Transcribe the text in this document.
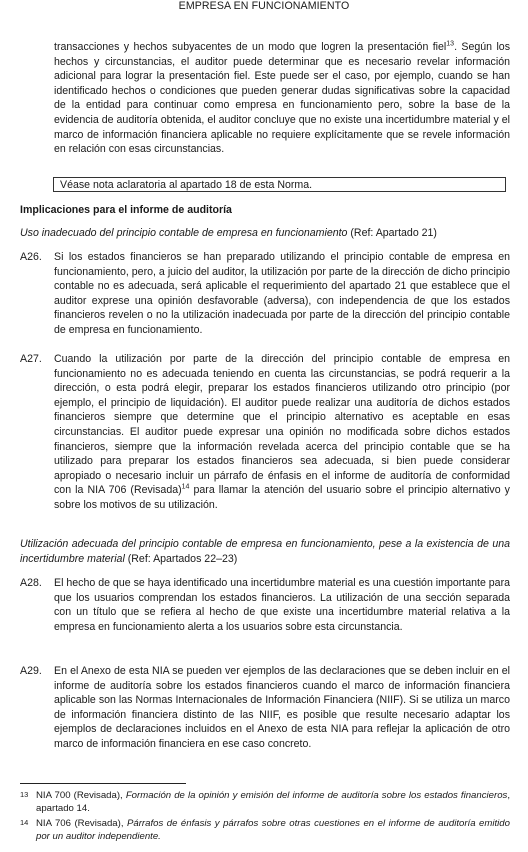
EMPRESA EN FUNCIONAMIENTO

transacciones y hechos subyacentes de un modo que logren la presentación fiel$^{13}$. Según los hechos y circunstancias, el auditor puede determinar que es necesario revelar información adicional para lograr la presentación fiel. Este puede ser el caso, por ejemplo, cuando se han identificado hechos o condiciones que pueden generar dudas significativas sobre la capacidad de la entidad para continuar como empresa en funcionamiento pero, sobre la base de la evidencia de auditoría obtenida, el auditor concluye que no existe una incertidumbre material y el marco de información financiera aplicable no requiere explícitamente que se revele información en relación con esas circunstancias.

Véase nota aclaratoria al apartado 18 de esta Norma.
Implicaciones para el informe de auditoría
Uso inadecuado del principio contable de empresa en funcionamiento (Ref: Apartado 21)
A26. Si los estados financieros se han preparado utilizando el principio contable de empresa en funcionamiento, pero, a juicio del auditor, la utilización por parte de la dirección de dicho principio contable no es adecuada, será aplicable el requerimiento del apartado 21 que establece que el auditor exprese una opinión desfavorable (adversa), con independencia de que los estados financieros revelen o no la utilización inadecuada por parte de la dirección del principio contable de empresa en funcionamiento.

A27. Cuando la utilización por parte de la dirección del principio contable de empresa en funcionamiento no es adecuada teniendo en cuenta las circunstancias, se podrá requerir a la dirección, o esta podrá elegir, preparar los estados financieros utilizando otro principio (por ejemplo, el principio de liquidación). El auditor puede realizar una auditoría de dichos estados financieros siempre que determine que el principio alternativo es aceptable en esas circunstancias. El auditor puede expresar una opinión no modificada sobre dichos estados financieros, siempre que la información revelada acerca del principio contable que se ha utilizado para preparar los estados financieros sea adecuada, si bien puede considerar apropiado o necesario incluir un párrafo de énfasis en el informe de auditoría de conformidad con la NIA 706 (Revisada)$^{14}$ para llamar la atención del usuario sobre el principio alternativo y sobre los motivos de su utilización.

Utilización adecuada del principio contable de empresa en funcionamiento, pese a la existencia de una incertidumbre material (Ref: Apartados 22–23)

A28. El hecho de que se haya identificado una incertidumbre material es una cuestión importante para que los usuarios comprendan los estados financieros. La utilización de una sección separada con un título que se refiera al hecho de que existe una incertidumbre material relativa a la empresa en funcionamiento alerta a los usuarios sobre esta circunstancia.

A29. En el Anexo de esta NIA se pueden ver ejemplos de las declaraciones que se deben incluir en el informe de auditoría sobre los estados financieros cuando el marco de información financiera aplicable son las Normas Internacionales de Información Financiera (NIIF). Si se utiliza un marco de información financiera distinto de las NIIF, es posible que resulte necesario adaptar los ejemplos de declaraciones incluidos en el Anexo de esta NIA para reflejar la aplicación de otro marco de información financiera en ese caso concreto.

13 NIA 700 (Revisada), Formación de la opinión y emisión del informe de auditoría sobre los estados financieros, apartado 14.

14 NIA 706 (Revisada), Párrafos de énfasis y párrafos sobre otras cuestiones en el informe de auditoría emitido por un auditor independiente.
